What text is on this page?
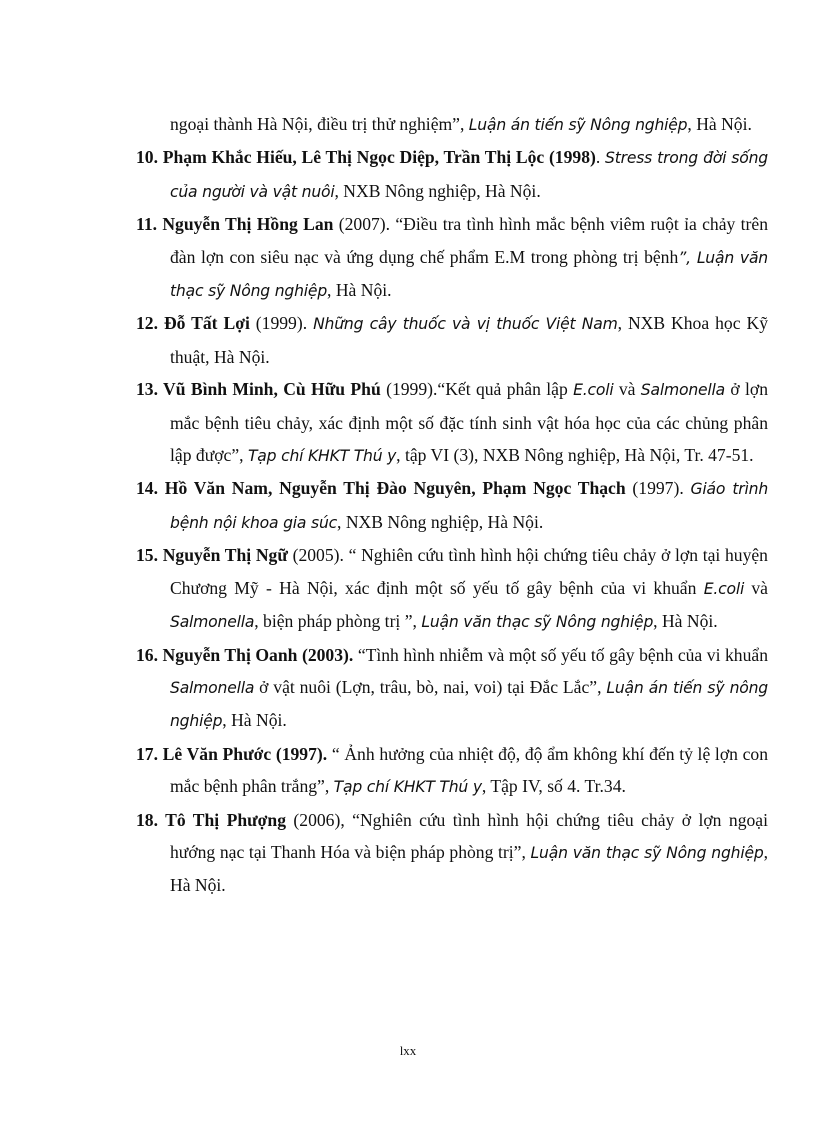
ngoại thành Hà Nội, điều trị thử nghiệm”, Luận án tiến sỹ Nông nghiệp, Hà Nội.

10. Phạm Khắc Hiếu, Lê Thị Ngọc Diệp, Trần Thị Lộc (1998). Stress trong đời sống của người và vật nuôi, NXB Nông nghiệp, Hà Nội.

11. Nguyễn Thị Hồng Lan (2007). “Điều tra tình hình mắc bệnh viêm ruột ỉa chảy trên đàn lợn con siêu nạc và ứng dụng chế phẩm E.M trong phòng trị bệnh”, Luận văn thạc sỹ Nông nghiệp, Hà Nội.

12. Đỗ Tất Lợi (1999). Những cây thuốc và vị thuốc Việt Nam, NXB Khoa học Kỹ thuật, Hà Nội.

13. Vũ Bình Minh, Cù Hữu Phú (1999).“Kết quả phân lập E.coli và Salmonella ở lợn mắc bệnh tiêu chảy, xác định một số đặc tính sinh vật hóa học của các chủng phân lập được”, Tạp chí KHKT Thú y, tập VI (3), NXB Nông nghiệp, Hà Nội, Tr. 47-51.

14. Hồ Văn Nam, Nguyễn Thị Đào Nguyên, Phạm Ngọc Thạch (1997). Giáo trình bệnh nội khoa gia súc, NXB Nông nghiệp, Hà Nội.

15. Nguyễn Thị Ngữ (2005). “ Nghiên cứu tình hình hội chứng tiêu chảy ở lợn tại huyện Chương Mỹ - Hà Nội, xác định một số yếu tố gây bệnh của vi khuẩn E.coli và Salmonella, biện pháp phòng trị ”, Luận văn thạc sỹ Nông nghiệp, Hà Nội.

16. Nguyễn Thị Oanh (2003). “Tình hình nhiễm và một số yếu tố gây bệnh của vi khuẩn Salmonella ở vật nuôi (Lợn, trâu, bò, nai, voi) tại Đắc Lắc”, Luận án tiến sỹ nông nghiệp, Hà Nội.

17. Lê Văn Phước (1997). “ Ảnh hưởng của nhiệt độ, độ ẩm không khí đến tỷ lệ lợn con mắc bệnh phân trắng”, Tạp chí KHKT Thú y, Tập IV, số 4. Tr.34.

18. Tô Thị Phượng (2006), “Nghiên cứu tình hình hội chứng tiêu chảy ở lợn ngoại hướng nạc tại Thanh Hóa và biện pháp phòng trị”, Luận văn thạc sỹ Nông nghiệp, Hà Nội.

lxx
